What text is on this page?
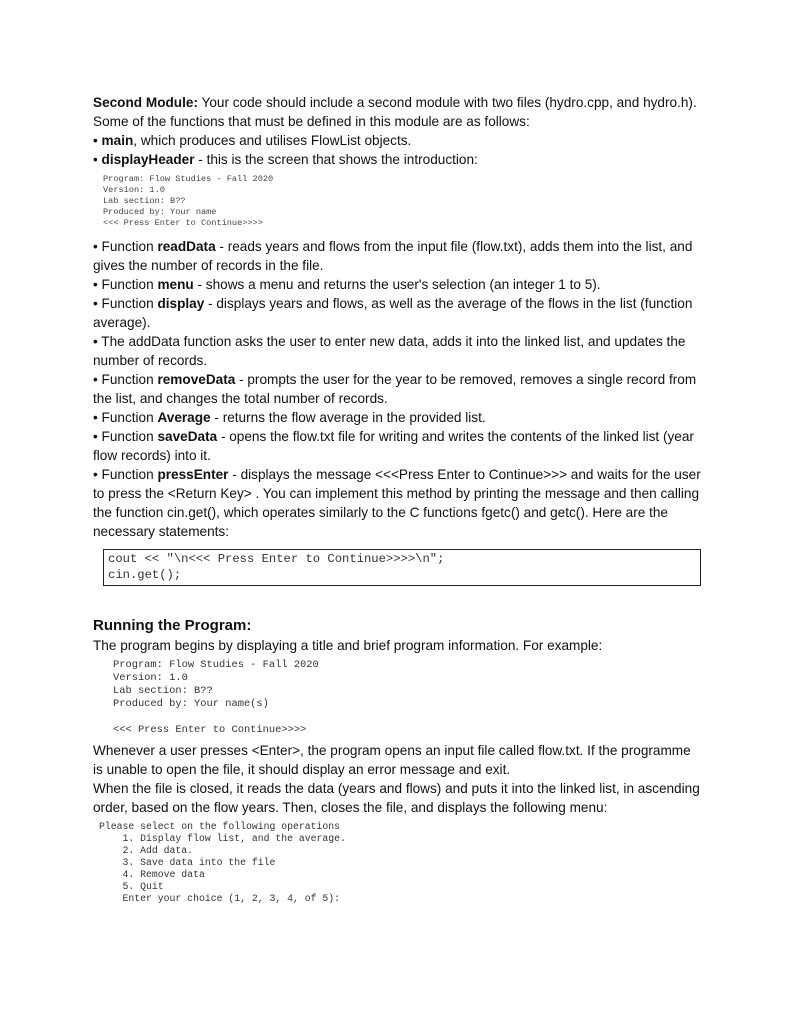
Second Module: Your code should include a second module with two files (hydro.cpp, and hydro.h). Some of the functions that must be defined in this module are as follows:

• main, which produces and utilises FlowList objects.

• displayHeader - this is the screen that shows the introduction:

Program: Flow Studies - Fall 2020
Version: 1.0
Lab section: B??
Produced by: Your name
<<< Press Enter to Continue>>>>

• Function readData - reads years and flows from the input file (flow.txt), adds them into the list, and gives the number of records in the file.

• Function menu - shows a menu and returns the user's selection (an integer 1 to 5).

• Function display - displays years and flows, as well as the average of the flows in the list (function average).

• The addData function asks the user to enter new data, adds it into the linked list, and updates the number of records.

• Function removeData - prompts the user for the year to be removed, removes a single record from the list, and changes the total number of records.

• Function Average - returns the flow average in the provided list.

• Function saveData - opens the flow.txt file for writing and writes the contents of the linked list (year flow records) into it.

• Function pressEnter - displays the message <<<Press Enter to Continue>>> and waits for the user to press the <Return Key> . You can implement this method by printing the message and then calling the function cin.get(), which operates similarly to the C functions fgetc() and getc(). Here are the necessary statements:

cout << "\n<<< Press Enter to Continue>>>>\n";
cin.get();
Running the Program:

The program begins by displaying a title and brief program information. For example:

Program: Flow Studies - Fall 2020
Version: 1.0
Lab section: B??
Produced by: Your name(s)

<<< Press Enter to Continue>>>>

Whenever a user presses <Enter>, the program opens an input file called flow.txt. If the programme is unable to open the file, it should display an error message and exit.

When the file is closed, it reads the data (years and flows) and puts it into the linked list, in ascending order, based on the flow years. Then, closes the file, and displays the following menu:

Please select on the following operations
1. Display flow list, and the average.
2. Add data.
3. Save data into the file
4. Remove data
5. Quit
Enter your choice (1, 2, 3, 4, of 5):
